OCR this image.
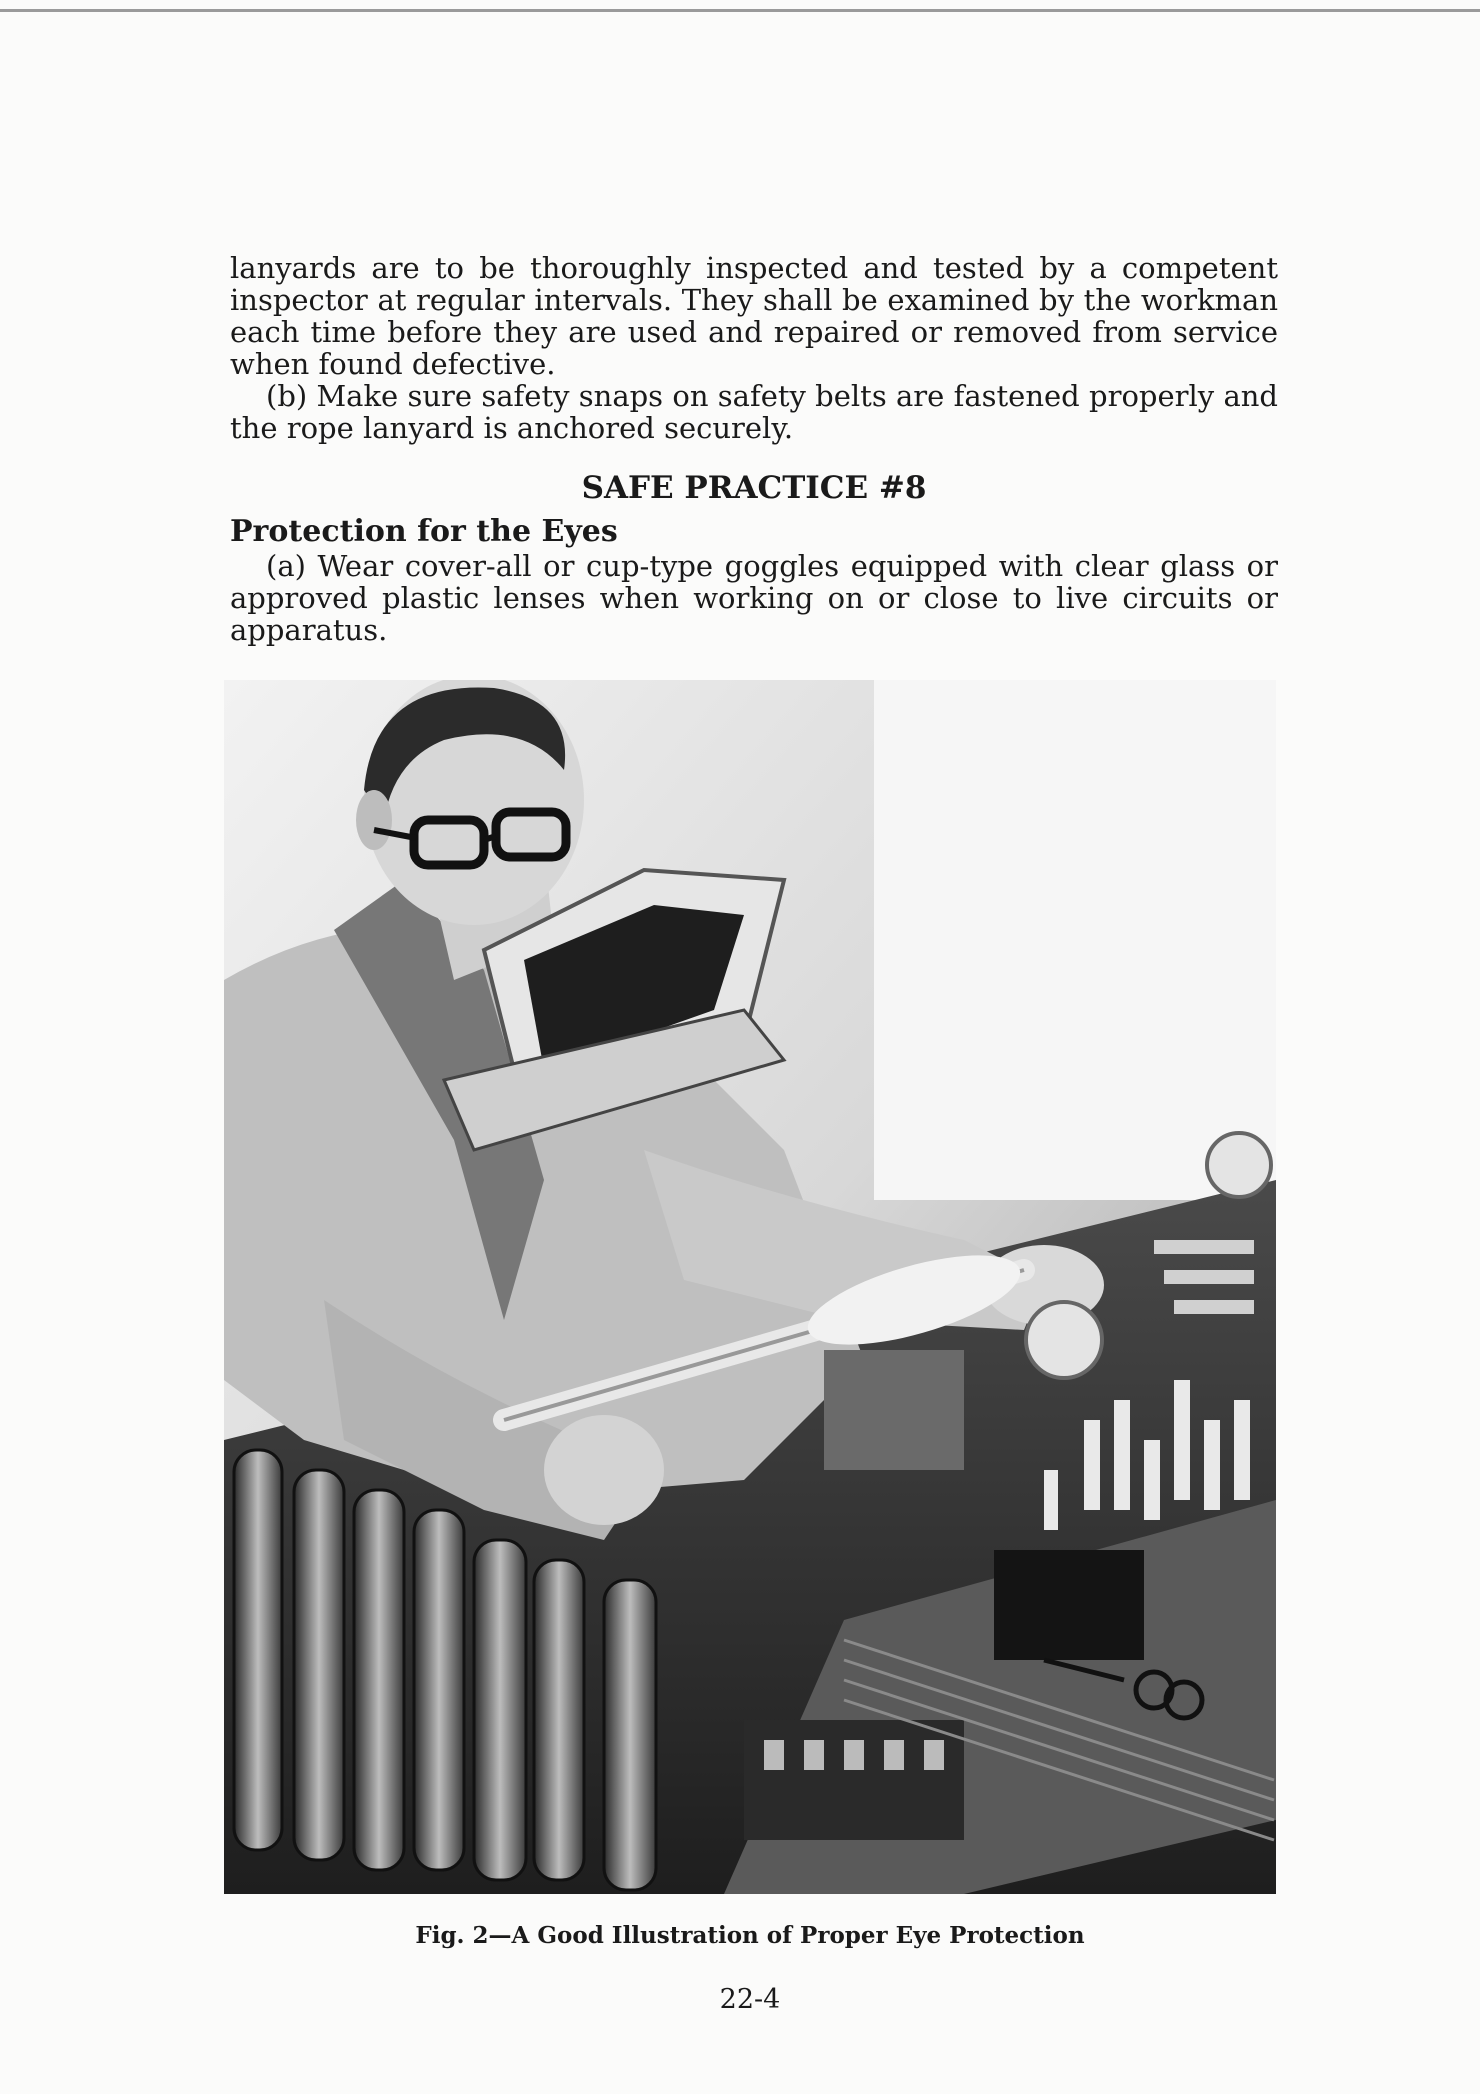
lanyards are to be thoroughly inspected and tested by a competent inspector at regular intervals. They shall be examined by the workman each time before they are used and repaired or removed from service when found defective.

(b) Make sure safety snaps on safety belts are fastened properly and the rope lanyard is anchored securely.

SAFE PRACTICE #8

Protection for the Eyes

(a) Wear cover-all or cup-type goggles equipped with clear glass or approved plastic lenses when working on or close to live circuits or apparatus.

Fig. 2—A Good Illustration of Proper Eye Protection
22-4
